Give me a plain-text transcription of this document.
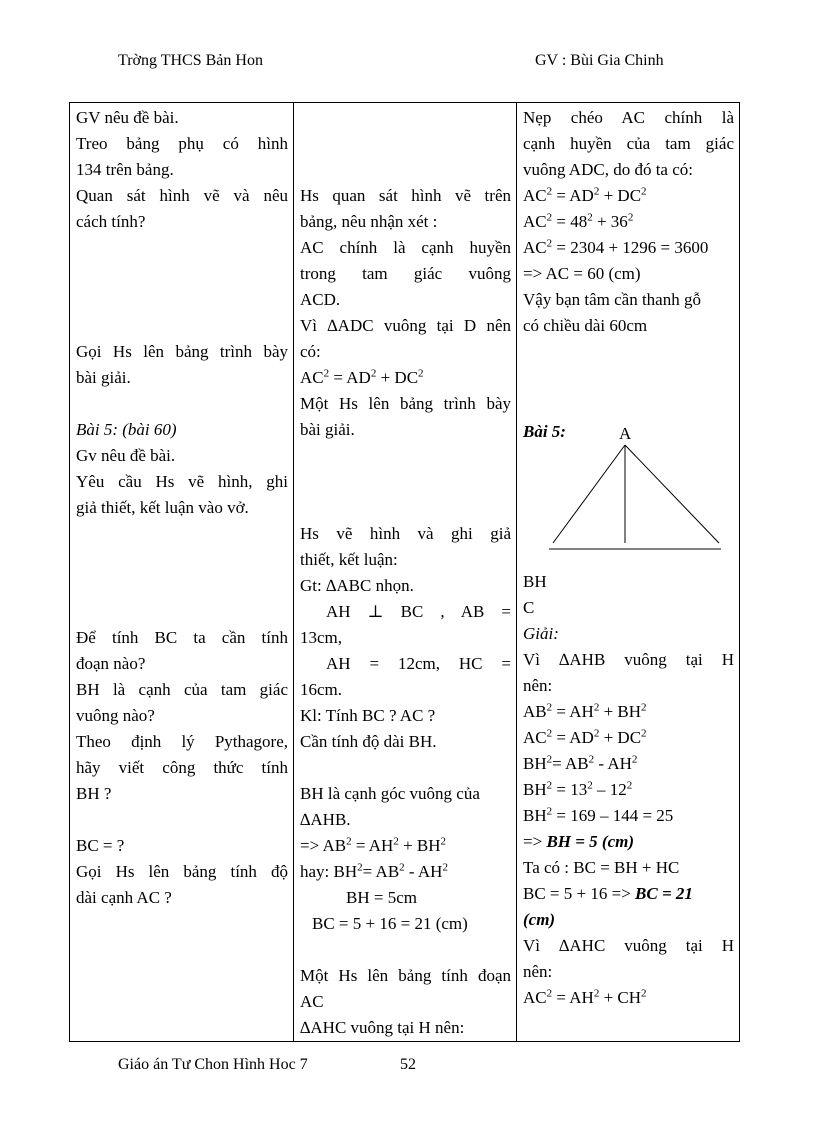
Trờng THCS Bản Hon	GV : Bùi Gia Chinh
GV nêu đề bài.
Treo bảng phụ có hình
134 trên bảng.
Quan sát hình vẽ và nêu
cách tính?
Gọi Hs lên bảng trình bày
bài giải.
Bài 5: (bài 60)
Gv nêu đề bài.
Yêu cầu Hs vẽ hình, ghi
giả thiết, kết luận vào vở.
Để tính BC ta cần tính
đoạn nào?
BH là cạnh của tam giác
vuông nào?
Theo định lý Pythagore,
hãy viết công thức tính
BH ?
BC = ?
Gọi Hs lên bảng tính độ
dài cạnh AC ?

Hs quan sát hình vẽ trên
bảng, nêu nhận xét :
AC chính là cạnh huyền
trong tam giác vuông
ACD.
Vì ∆ADC vuông tại D nên
có:
$AC^2 = AD^2 + DC^2$
Một Hs lên bảng trình bày
bài giải.
Hs vẽ hình và ghi giả
thiết, kết luận:
Gt: ∆ABC nhọn.
AH ⊥ BC , AB =
13cm,
AH = 12cm, HC =
16cm.
Kl: Tính BC ? AC ?
Cần tính độ dài BH.
BH là cạnh góc vuông của
∆AHB.
=> $AB^2 = AH^2 + BH^2$
hay: $BH^2= AB^2 - AH^2$
BH = 5cm
BC = 5 + 16 = 21 (cm)
Một Hs lên bảng tính đoạn
AC
∆AHC vuông tại H nên:

Nẹp chéo AC chính là
cạnh huyền của tam giác
vuông ADC, do đó ta có:
$AC^2 = AD^2 + DC^2$
$AC^2 = 48^2 + 36^2$
$AC^2 = 2304 + 1296 = 3600$
=> AC = 60 (cm)
Vậy bạn tâm cần thanh gỗ
có chiều dài 60cm
Bài 5:	A
BH
C
Giải:
Vì ∆AHB vuông tại H
nên:
$AB^2 = AH^2 + BH^2$
$AC^2 = AD^2 + DC^2$
$BH^2= AB^2 - AH^2$
$BH^2 = 13^2 - 12^2$
$BH^2 = 169 - 144 = 25$
=> BH = 5 (cm)
Ta có : BC = BH + HC
BC = 5 + 16 => BC = 21
(cm)
Vì ∆AHC vuông tại H
nên:
$AC^2 = AH^2 + CH^2$
Giáo án Tư Chon Hình Hoc 7	52
